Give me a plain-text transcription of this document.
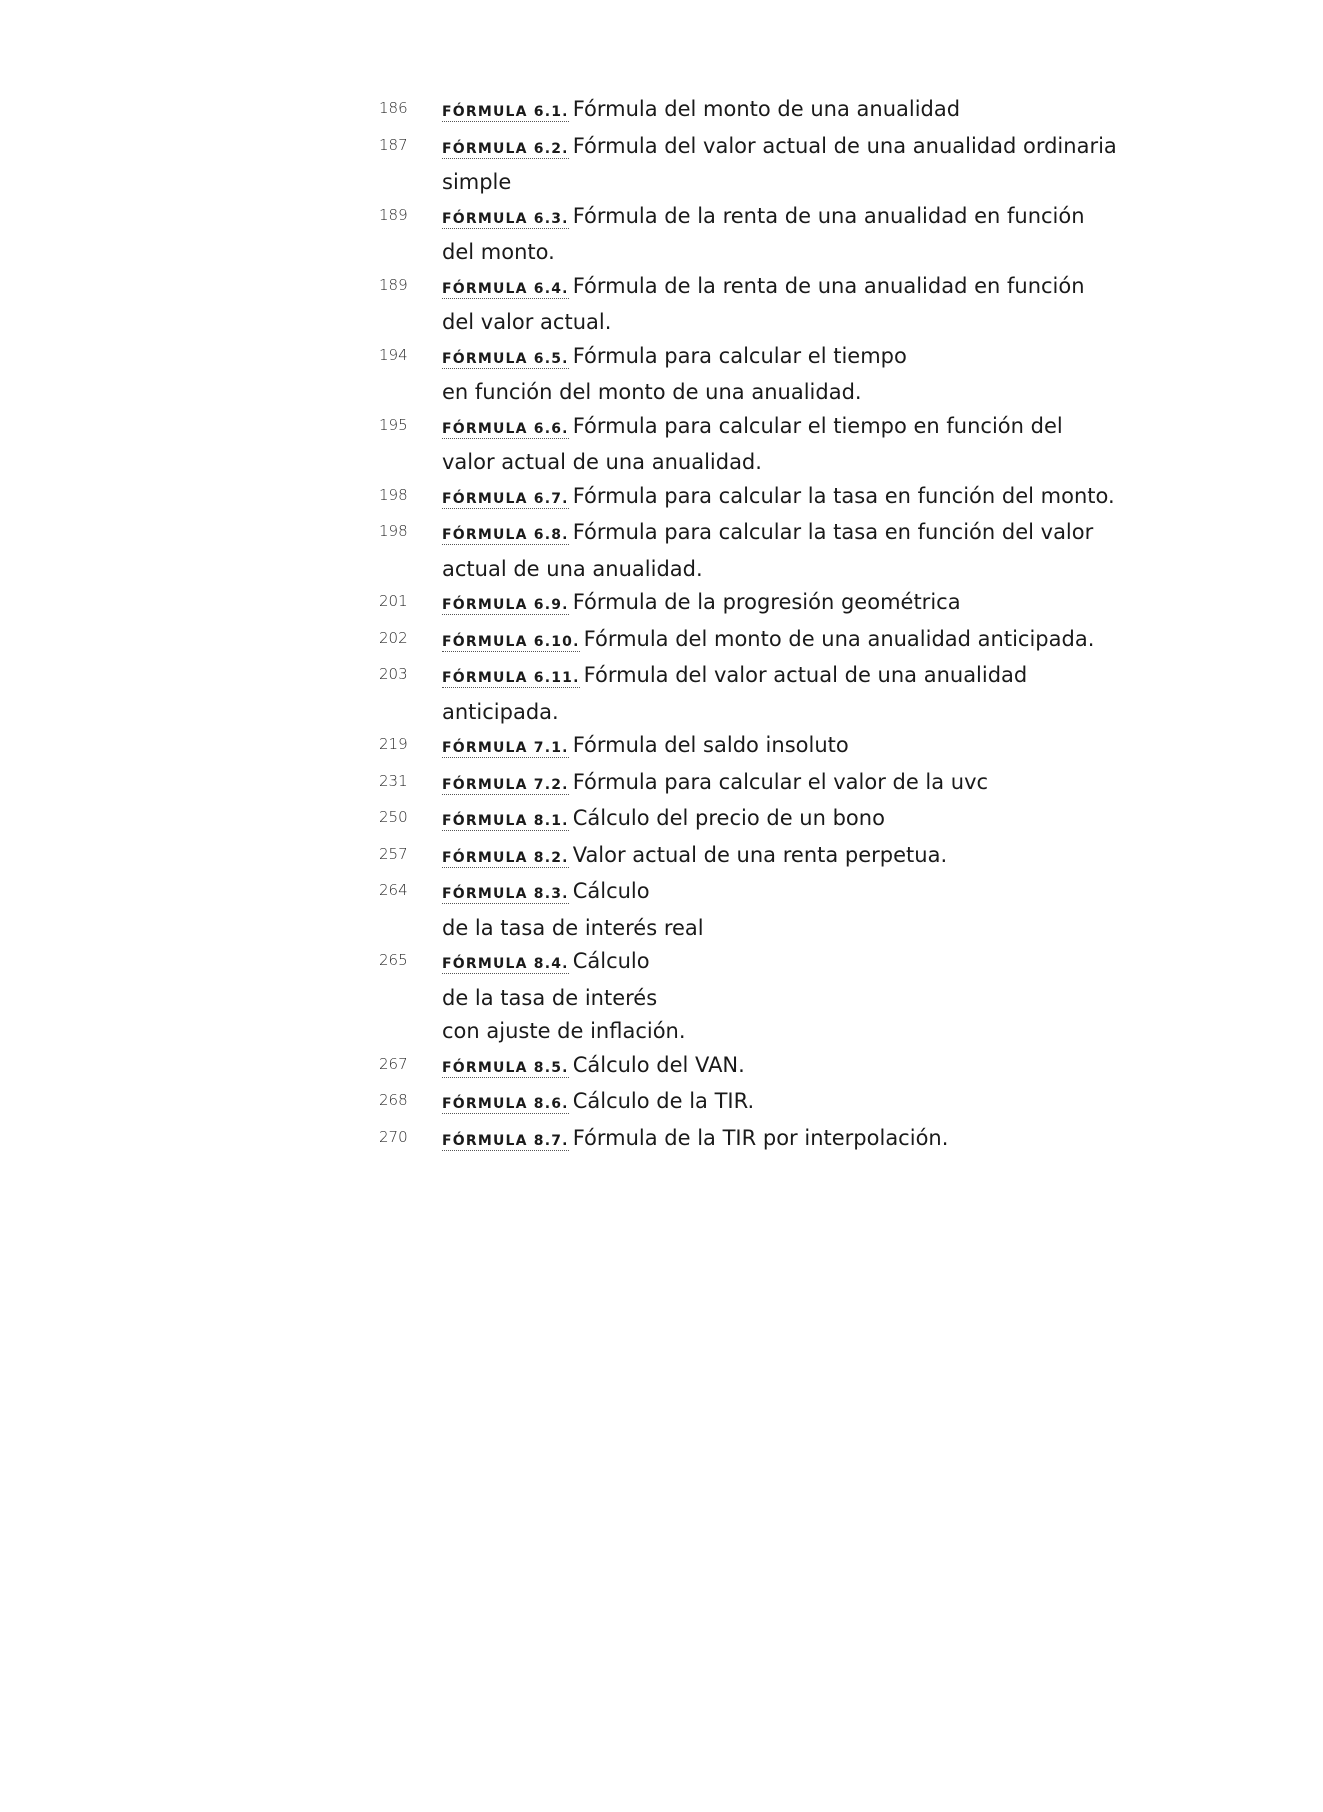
186	FÓRMULA 6.1. Fórmula del monto de una anualidad
187	FÓRMULA 6.2. Fórmula del valor actual de una anualidad ordinaria
simple
189	FÓRMULA 6.3. Fórmula de la renta de una anualidad en función
del monto.
189	FÓRMULA 6.4. Fórmula de la renta de una anualidad en función
del valor actual.
194	FÓRMULA 6.5. Fórmula para calcular el tiempo
en función del monto de una anualidad.
195	FÓRMULA 6.6. Fórmula para calcular el tiempo en función del
valor actual de una anualidad.
198	FÓRMULA 6.7. Fórmula para calcular la tasa en función del monto.
198	FÓRMULA 6.8. Fórmula para calcular la tasa en función del valor
actual de una anualidad.
201	FÓRMULA 6.9. Fórmula de la progresión geométrica
202	FÓRMULA 6.10. Fórmula del monto de una anualidad anticipada.
203	FÓRMULA 6.11. Fórmula del valor actual de una anualidad
anticipada.
219	FÓRMULA 7.1. Fórmula del saldo insoluto
231	FÓRMULA 7.2. Fórmula para calcular el valor de la uvc
250	FÓRMULA 8.1. Cálculo del precio de un bono
257	FÓRMULA 8.2. Valor actual de una renta perpetua.
264	FÓRMULA 8.3. Cálculo
de la tasa de interés real
265	FÓRMULA 8.4. Cálculo
de la tasa de interés
con ajuste de inflación.
267	FÓRMULA 8.5. Cálculo del VAN.
268	FÓRMULA 8.6. Cálculo de la TIR.
270	FÓRMULA 8.7. Fórmula de la TIR por interpolación.
